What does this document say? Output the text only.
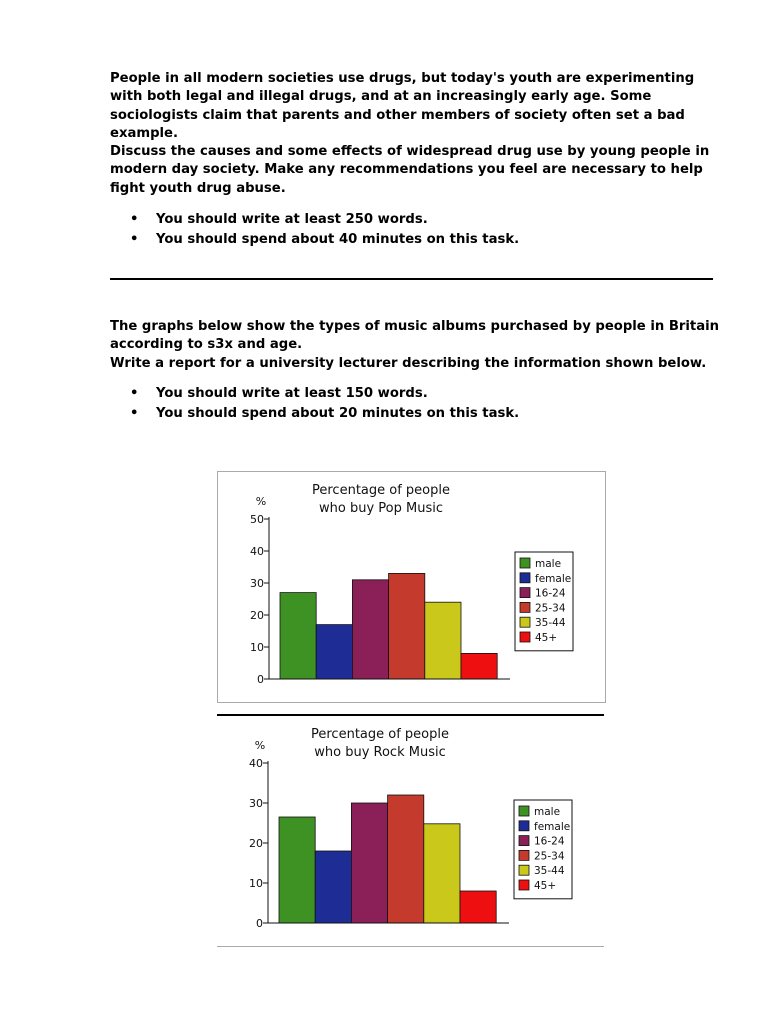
People in all modern societies use drugs, but today's youth are experimenting
with both legal and illegal drugs, and at an increasingly early age. Some
sociologists claim that parents and other members of society often set a bad
example.
Discuss the causes and some effects of widespread drug use by young people in
modern day society. Make any recommendations you feel are necessary to help
fight youth drug abuse.
• You should write at least 250 words.
• You should spend about 40 minutes on this task.
The graphs below show the types of music albums purchased by people in Britain
according to s3x and age.
Write a report for a university lecturer describing the information shown below.
• You should write at least 150 words.
• You should spend about 20 minutes on this task.
Percentage of people
who buy Pop Music
%
0
10
20
30
40
50
male
female
16-24
25-34
35-44
45+
Percentage of people
who buy Rock Music
%
0
10
20
30
40
male
female
16-24
25-34
35-44
45+
